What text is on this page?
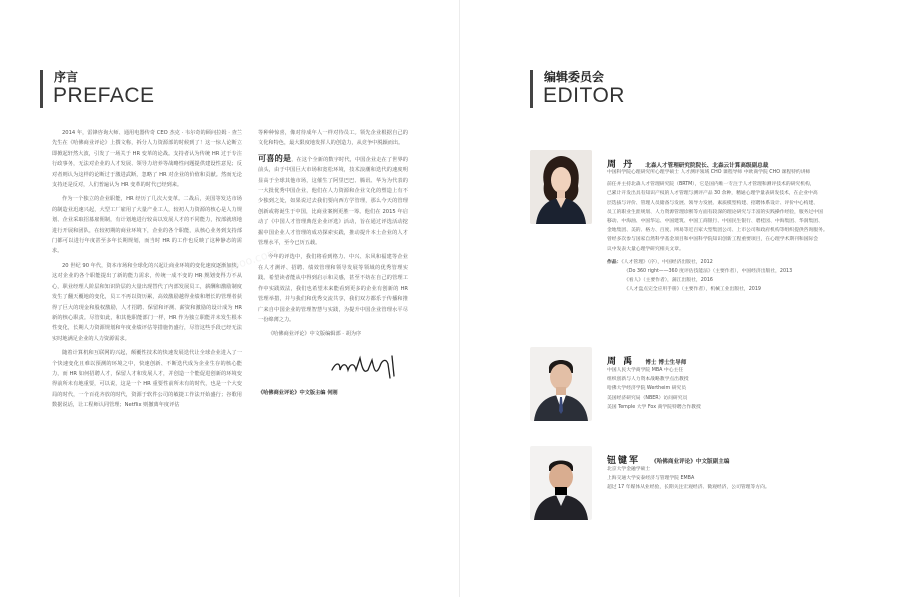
序言
PREFACE

2014 年，雷锋咨询大师、通用电器传奇 CEO 杰克 · 韦尔奇的顾问拉姆 · 查兰先生在《哈佛商业评论》上撰文称，拆分人力资源部的时候到了！这一惊人论断立即掀起轩然大波，引发了一场关于 HR 变革的论战。支持者认为传统 HR 过于专注行政事务，无法对企业的人才发展、领导力培养等战略性问题提供建设性意见；反对者则认为这样的论断过于激进武断，忽略了 HR 对企业的价值和贡献。然而无论支持还是反对，人们普遍认为 HR 变革的时代已经到来。

作为一个独立的企业职能，HR 经历了几次大变革。二战后，美国等发达市场的制造业迅速兴起，大型工厂雇用了大量产业工人，较初人力资源的核心是人力规划、企业采取招募雇佣制，有计划地进行较高以发展人才的不同能力，按部就班地进行开展和团队，在较初期的商业环境下，企业的各个职能，从核心业务到支持部门都可以进行年度甚至多年长期规划，而当时 HR 的工作也反映了这种静态的需求。

20 世纪 90 年代，资本市场和全球化的兴起让商业环境的变化速度逐渐加快，这对企业的各个职能提出了新的能力需求，传统一成不变的 HR 规划变得力不从心，职业经理人阶层和知识阶层的大量出现替代了内部发展员工，薪酬和激励制度发生了翻天覆地的变化，员工不再以资历累，高效激励越得业绩和增长的管理者获得了巨大的现金和股权激励，人才招聘、保留和评测、薪资和激励的设计成为 HR 新的核心职责。尽管如此，和其他职能部门一样，HR 作为独立职能并未发生根本性变化，长期人力资源规划和年度业绩评估等措施仍盛行，尽管这些手段已经无法实时地满足企业的人力资源需求。

随着计算机和互联网的兴起，颠覆性技术的快速发展迭代让全球企业进入了一个快速变化且难以预测的环境之中，快速创新、不断迭代成为企业生存的核心能力，而 HR 如何招聘人才，保留人才和发展人才，并创造一个能促进创新的环境变得前所未有地重要，可以说，这是一个 HR 重要性前所未有的时代，也是一个大变局的时代，一个百花齐放的时代，资源于软件公司的敏捷工作法开始盛行；谷歌用数据说话，让工程师认同管理；Netflix 则撤离年度评估

等种种惊喜，像对待成年人一样对待员工。领先企业根据自己的文化和特色，最大限度地发挥人的创造力，从竞争中脱颖而出。

可喜的是，在这个全新的数字时代，中国企业走在了世界的前头，由于中国巨大市场和宽松环境，技术浪潮和迭代的速度明显高于全球其他市场，这催生了阿里巴巴、腾讯、华为为代表的一大批优秀中国企业，他们在人力资源和企业文化的塑造上有不少独到之处，如果说过去我们要向西方学管理，那么今天的管理创新或将诞生于中国，比商业案例更胜一筹。他们在 2015 年启动了《中国人才管理典范企业评选》活动，旨在通过评选活动挖掘中国企业人才管理的成功探索实践，推动提升本土企业的人才管理水平，至今已历五载。

今年的评选中，我们将看到格力、中兴、东风和福建等企业在人才测评、招聘、绩效管理和领导发展等领域的优秀管理实践。希望读者能从中得到启示和灵感，甚至不妨在自己的管理工作中实践效法，我们也希望未来能看到更多的企业有创新的 HR 管理举措，并与我们和优秀交流共享，我们双方都乐于传播和推广来自中国企业的管理智慧与实践，为提升中国企业管理水平尽一份绵薄之力。

《哈佛商业评论》中文版编辑部 · 胡为序

《哈佛商业评论》中文版主编 何刚
www.gooo.com
编辑委员会
EDITOR
周 丹 北森人才管理研究院院长、北森云计算高级副总裁
中国科学院心理研究所心理学硕士 人才测评领域 CHO 课程导师 中欧商学院 CHO 课程特约讲师
前任并主持北森人才管理研究院（BRTM），它是国内唯一专注于人才管理和测评技术的研究机构，
已累计开发出具有知识产权的人才管理与测评产品 30 余种，精通心理学量表研发技术，在企业中高
层选拔与评价、管理人员储备与发展、领导力发展、素质模型构建、招聘体系设计、评价中心构建、
员工的职业生涯规划、人力资源管理诊断等方面有较深的理论研究与丰富的实践操作经验，服务过中国
移动、中海油、中国华运、中国建筑、中国工商银行、中国民生银行、碧桂园、中海集团、华润集团、
金地集团、美的、格力、百度、网易等近百家大型集团公司、上市公司和政府机构等组织提供咨询服务。
曾经多次参与国家自然科学基金项目和中国科学院知识创新工程重要项目，在心理学术期刊和国际会
议中发表大量心理学研究相关文章。
作品：《人才管理》（序），中国经济出版社，2012
《Do 360 right——360 度评估技能法》（主要作者），中国经济出版社，2013
《看人》（主要作者），蒲江出版社，2016
《人才盘点完全应用手册》（主要作者），机械工业出版社，2019
周 禹 博士 博士生导师
中国人民大学商学院 MBA 中心主任
组织创新与人力资本战略教学点出教授
哈佛大学经济学院 Wertheim 研究员
美国经济研究局（NBER）访问研究员
美国 Temple 大学 Fox 商学院特聘合作教授
钮键军 《哈佛商业评论》中文版副主编
北京大学金融学硕士
上海交通大学安泰经济与管理学院 EMBA
超过 17 年媒体从业经验，长期关注宏观经济、微观经济，公司管理等方向。
